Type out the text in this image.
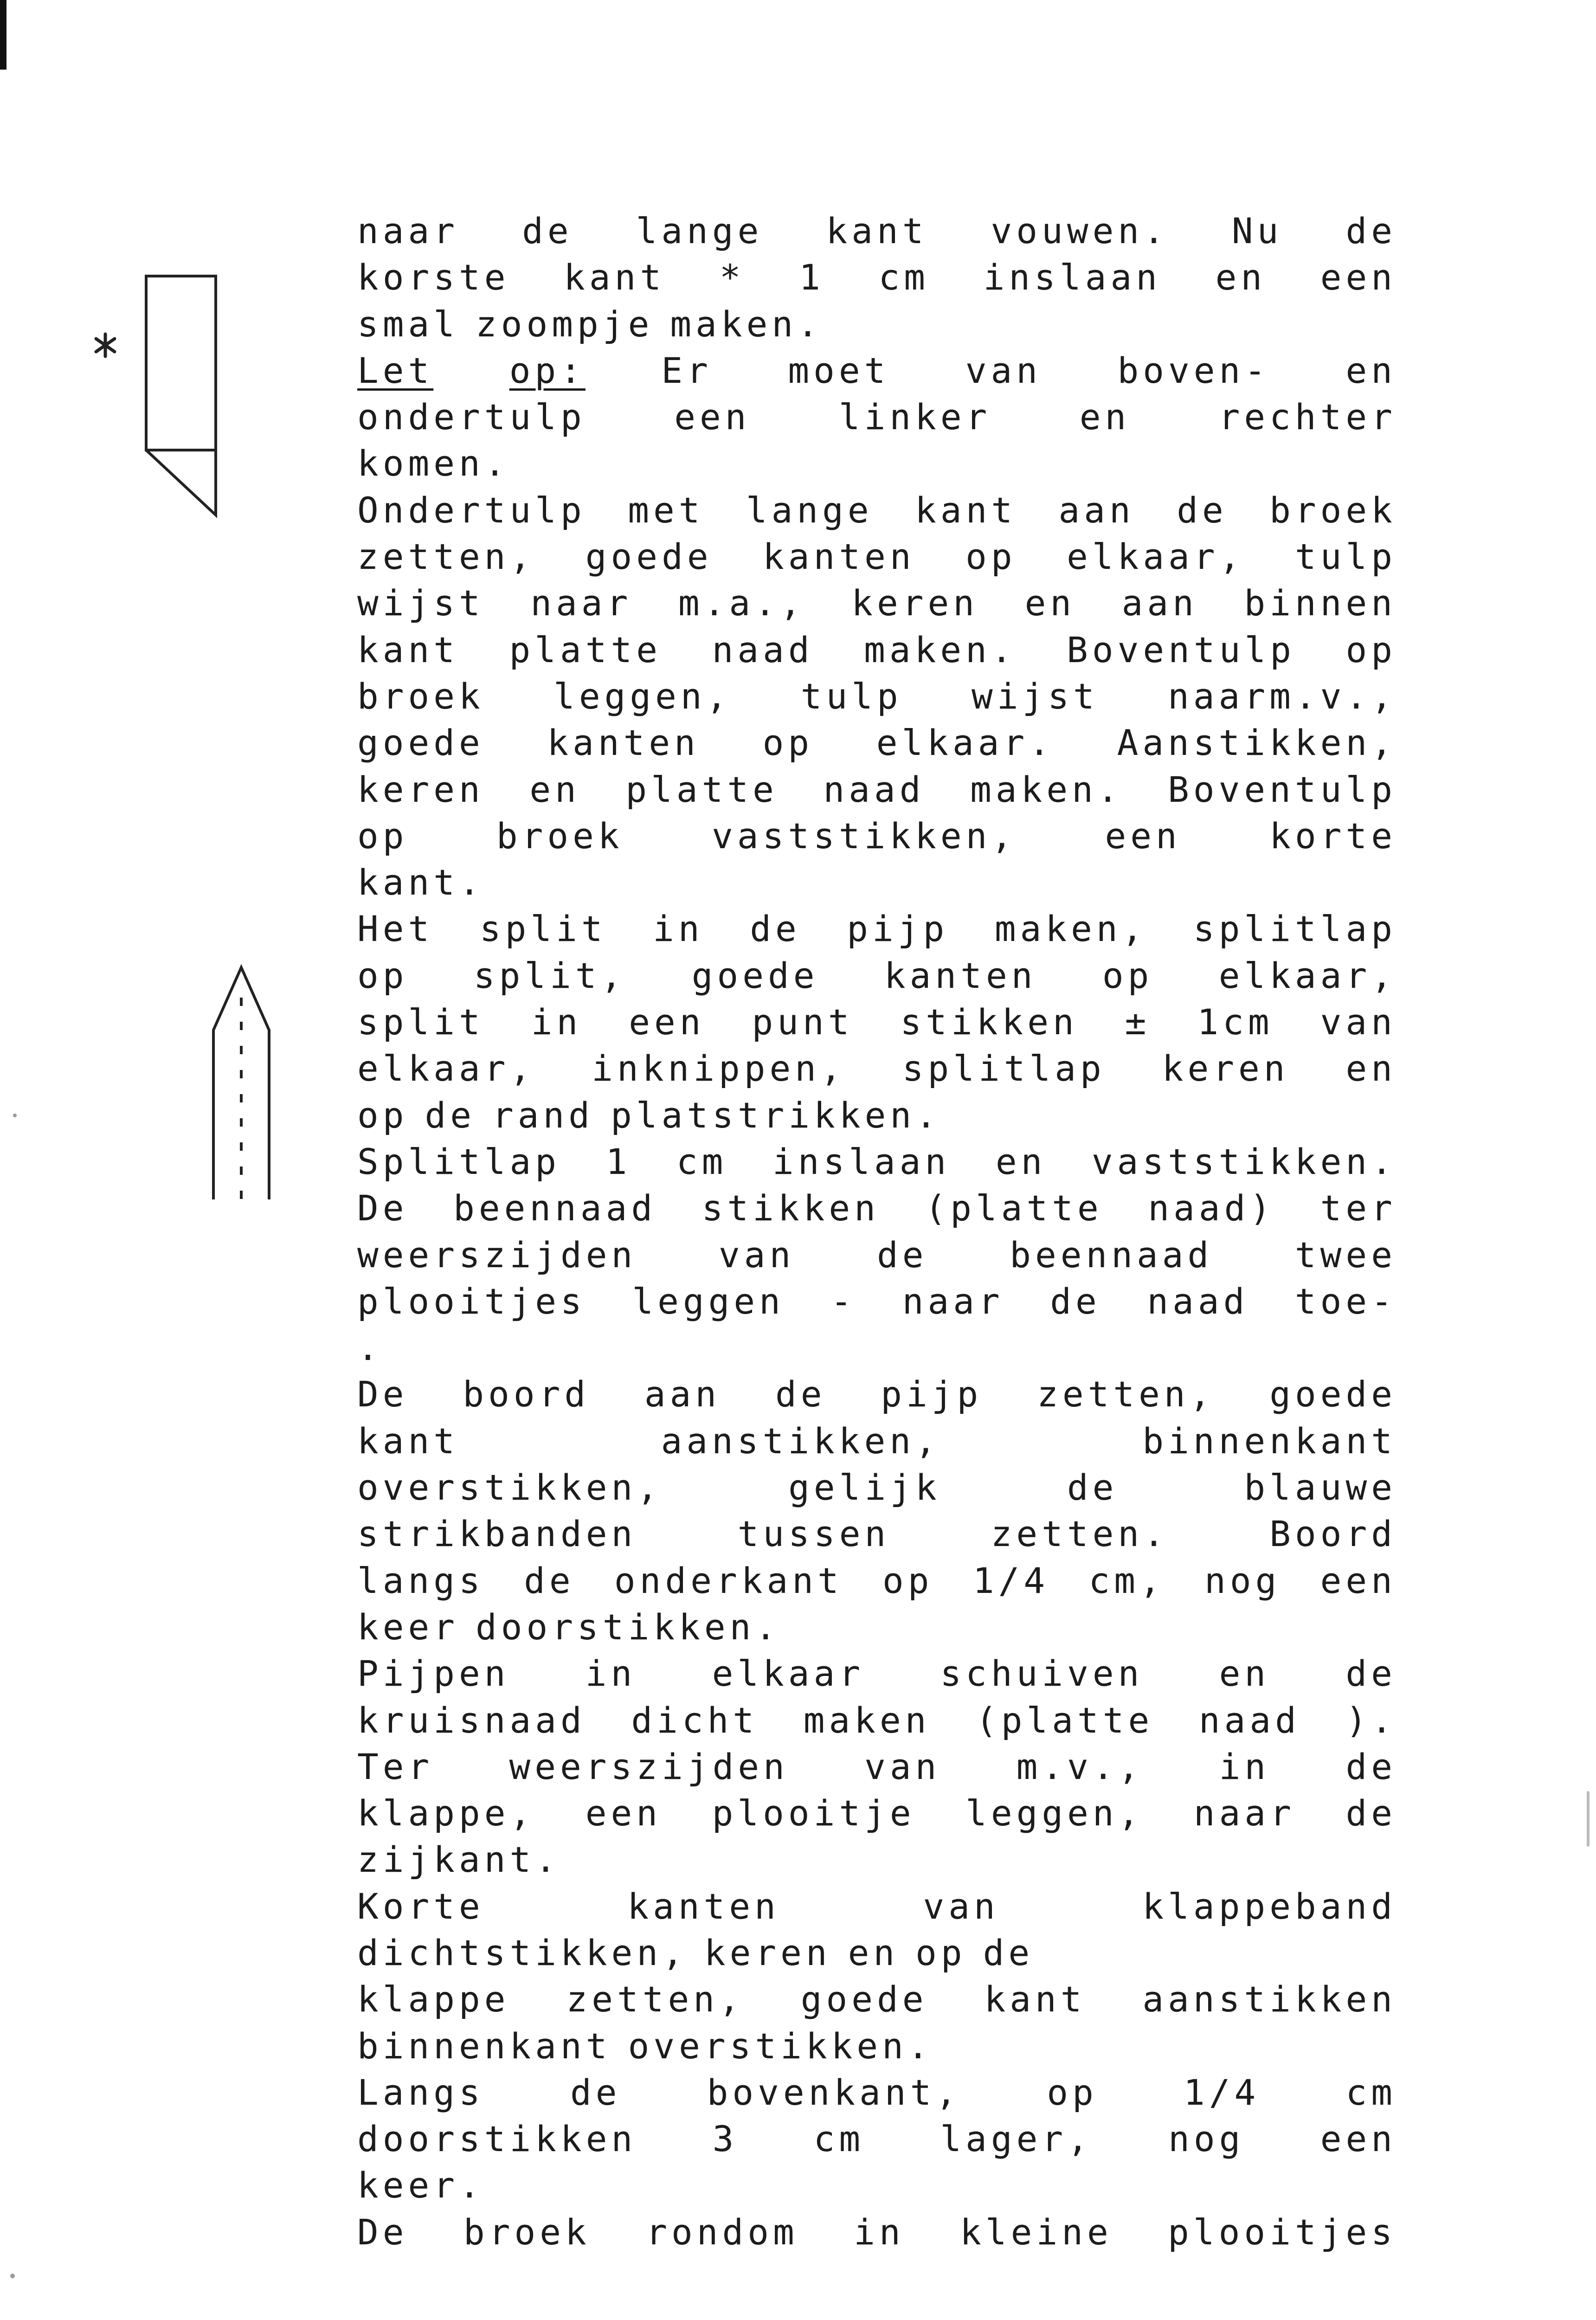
naar de lange kant vouwen. Nu de
korste kant * 1 cm inslaan en een
smal zoompje maken.
Let op: Er moet van boven- en
ondertulp	een	linker	en	rechter
komen.
Ondertulp met lange kant aan de broek
zetten, goede kanten op elkaar, tulp
wijst naar m.a., keren en aan binnen
kant platte naad maken. Boventulp op
broek leggen, tulp wijst naarm.v.,
goede kanten op elkaar. Aanstikken,
keren en platte naad maken. Boventulp
op	broek	vaststikken,	een	korte
kant.
Het split in de pijp maken, splitlap
op split, goede kanten op elkaar,
split in een punt stikken ± 1cm van
elkaar, inknippen, splitlap keren en
op de rand platstrikken.
Splitlap 1 cm inslaan en vaststikken.
De beennaad stikken (platte naad) ter
weerszijden van de beennaad twee
plooitjes leggen - naar de naad toe-
.
De boord aan de pijp zetten, goede
kant	aanstikken,	binnenkant
overstikken,	gelijk	de	blauwe
strikbanden	tussen	zetten.	Boord
langs de onderkant op 1/4 cm, nog een
keer doorstikken.
Pijpen in elkaar schuiven en de
kruisnaad dicht maken (platte naad ).
Ter weerszijden van m.v., in de
klappe, een plooitje leggen, naar de
zijkant.
Korte	kanten	van	klappeband
dichtstikken, keren en op de
klappe zetten, goede kant aanstikken
binnenkant overstikken.
Langs de bovenkant, op 1/4 cm
doorstikken 3 cm lager, nog een
keer.
De broek rondom in kleine plooitjes
